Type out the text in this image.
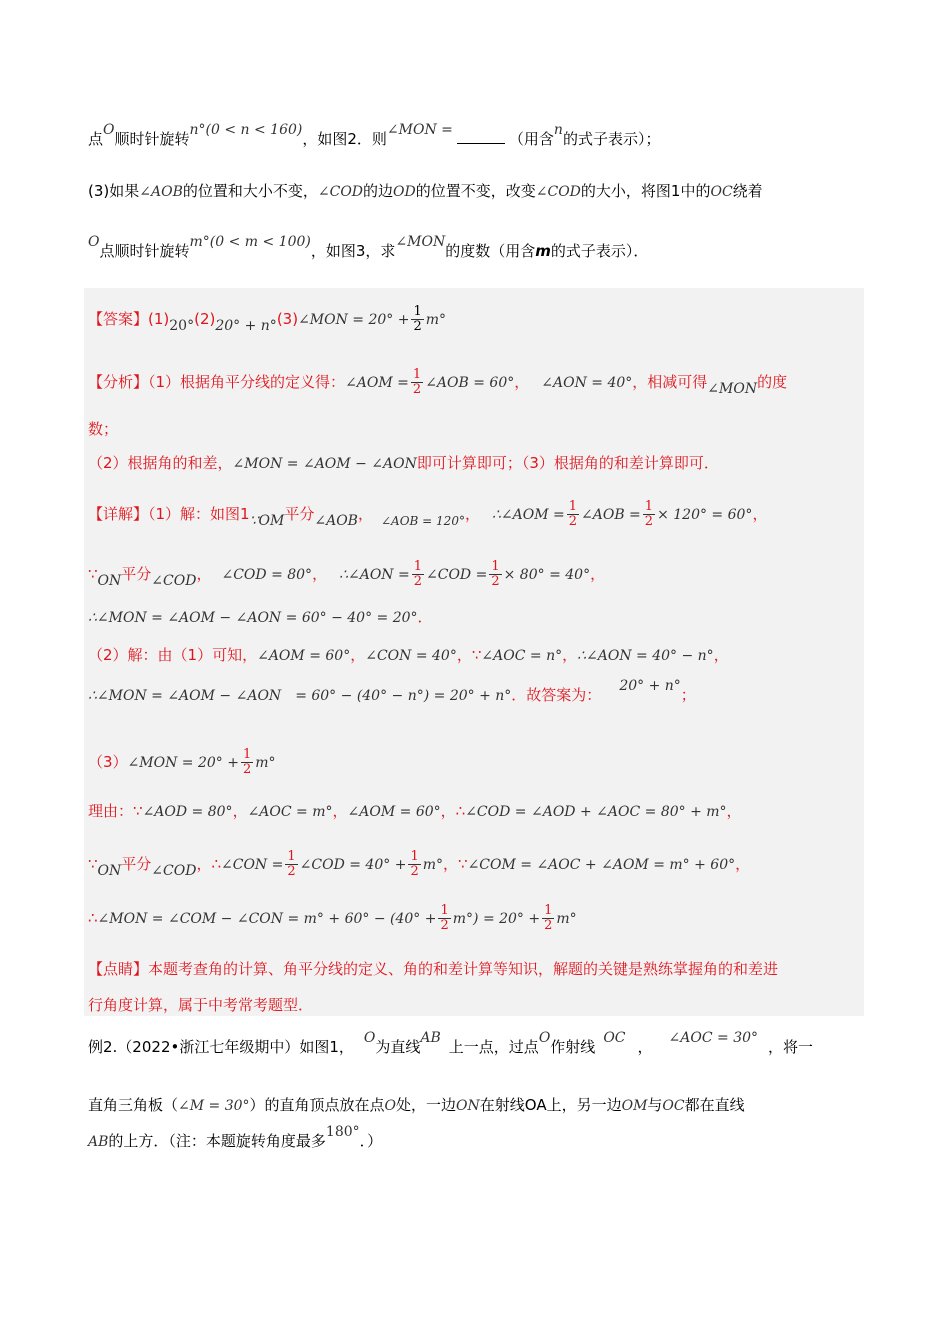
点O顺时针旋转n°(0 < n < 160)，如图2．则∠MON =	（用含n的式子表示）；
(3)如果∠AOB的位置和大小不变，∠COD的边OD的位置不变，改变∠COD的大小，将图1中的OC绕着
O点顺时针旋转m°(0 < m < 100)，如图3，求∠MON的度数（用含m的式子表示）．
【答案】(1)20°(2)20° + n°(3)∠MON = $20^\circ + \frac{1}{2} m^\circ$
【分析】（1）根据角平分线的定义得：∠AOM = $\frac{1}{2}$ ∠AOB = 60°， ∠AON = 40°，相减可得∠MON的度
数；
（2）根据角的和差，∠MON = ∠AOM − ∠AON即可计算即可；（3）根据角的和差计算即可．
【详解】（1）解：如图1∵OM平分∠AOB， $_{\angle AOB = 120^\circ}$， ∴∠AOM = $\frac{1}{2}$ ∠AOB = $\frac{1}{2} \times 120^\circ = 60^\circ$，
∵ON平分∠COD， ∠COD = 80°， ∴∠AON = $\frac{1}{2}$ ∠COD = $\frac{1}{2} \times 80^\circ = 40^\circ$，
∴∠MON = ∠AOM − ∠AON = 60° − 40° = 20°．
（2）解：由（1）可知，∠AOM = 60°，∠CON = 40°，∵∠AOC = n°，∴∠AON = 40° − n°，
∴∠MON = ∠AOM − ∠AON = 60° − (40° − n°) = 20° + n°．故答案为： 20° + n°；
（3）∠MON = $20^\circ + \frac{1}{2} m^\circ$
理由：∵∠AOD = 80°，∠AOC = m°，∠AOM = 60°，∴∠COD = ∠AOD + ∠AOC = 80° + m°，
∵ON平分∠COD，∴∠CON = $\frac{1}{2}$ ∠COD = $40^\circ + \frac{1}{2} m^\circ$，∵∠COM = ∠AOC + ∠AOM = m° + 60°，
∴∠MON = ∠COM − ∠CON = $m^\circ + 60^\circ - (40^\circ + \frac{1}{2} m^\circ) = 20^\circ + \frac{1}{2} m^\circ$
【点睛】本题考查角的计算、角平分线的定义、角的和差计算等知识，解题的关键是熟练掌握角的和差进
行角度计算，属于中考常考题型．
例2.（2022•浙江七年级期中）如图1， O为直线AB 上一点，过点O作射线 OC ， ∠AOC = 30° ，将一
直角三角板（∠M = 30°）的直角顶点放在点O处，一边ON在射线OA上，另一边OM与OC都在直线
AB的上方．（注：本题旋转角度最多180°．）
